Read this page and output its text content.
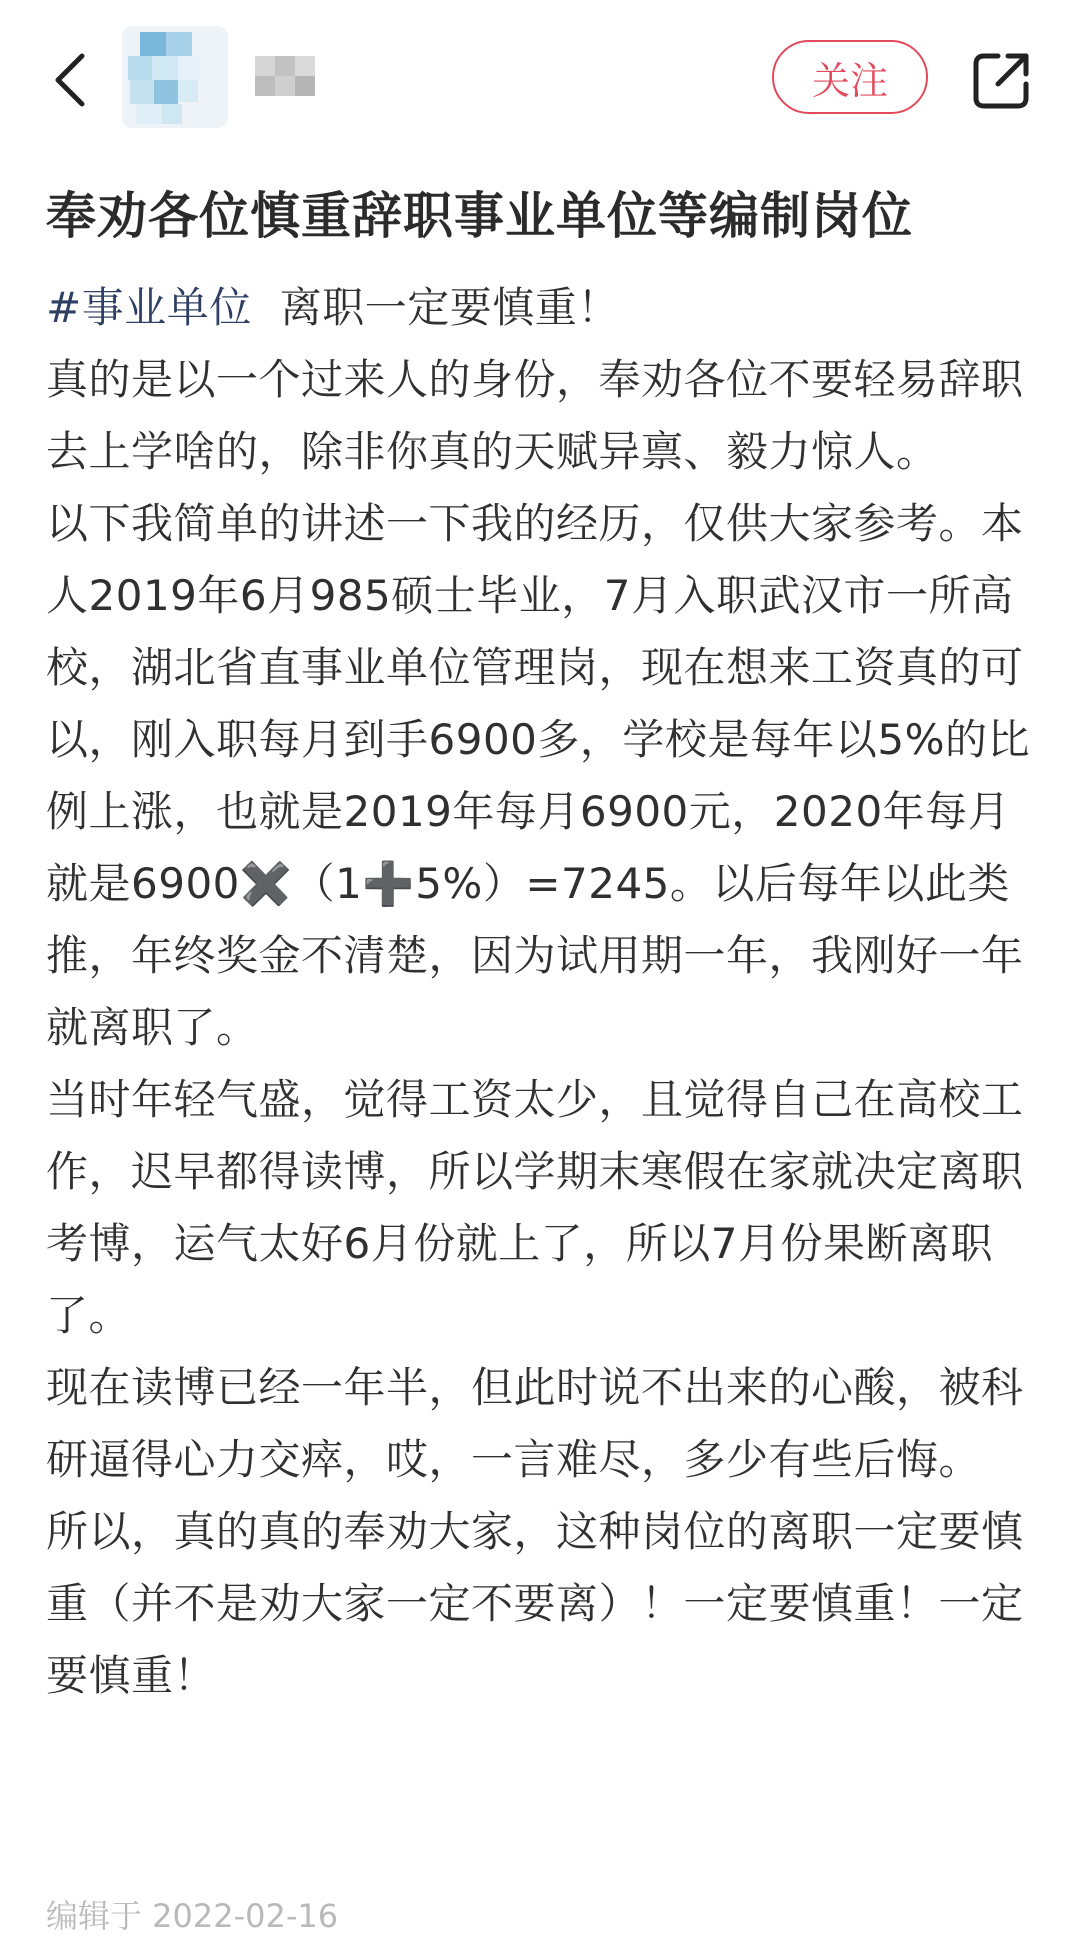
关注
奉劝各位慎重辞职事业单位等编制岗位

#事业单位 离职一定要慎重！

真的是以一个过来人的身份，奉劝各位不要轻易辞职去上学啥的，除非你真的天赋异禀、毅力惊人。

以下我简单的讲述一下我的经历，仅供大家参考。本人2019年6月985硕士毕业，7月入职武汉市一所高校，湖北省直事业单位管理岗，现在想来工资真的可以，刚入职每月到手6900多，学校是每年以5%的比例上涨，也就是2019年每月6900元，2020年每月就是6900✖️（1➕5%）=7245。以后每年以此类推，年终奖金不清楚，因为试用期一年，我刚好一年就离职了。

当时年轻气盛，觉得工资太少，且觉得自己在高校工作，迟早都得读博，所以学期末寒假在家就决定离职考博，运气太好6月份就上了，所以7月份果断离职了。

现在读博已经一年半，但此时说不出来的心酸，被科研逼得心力交瘁，哎，一言难尽，多少有些后悔。

所以，真的真的奉劝大家，这种岗位的离职一定要慎重（并不是劝大家一定不要离）！一定要慎重！一定要慎重！

编辑于 2022-02-16
